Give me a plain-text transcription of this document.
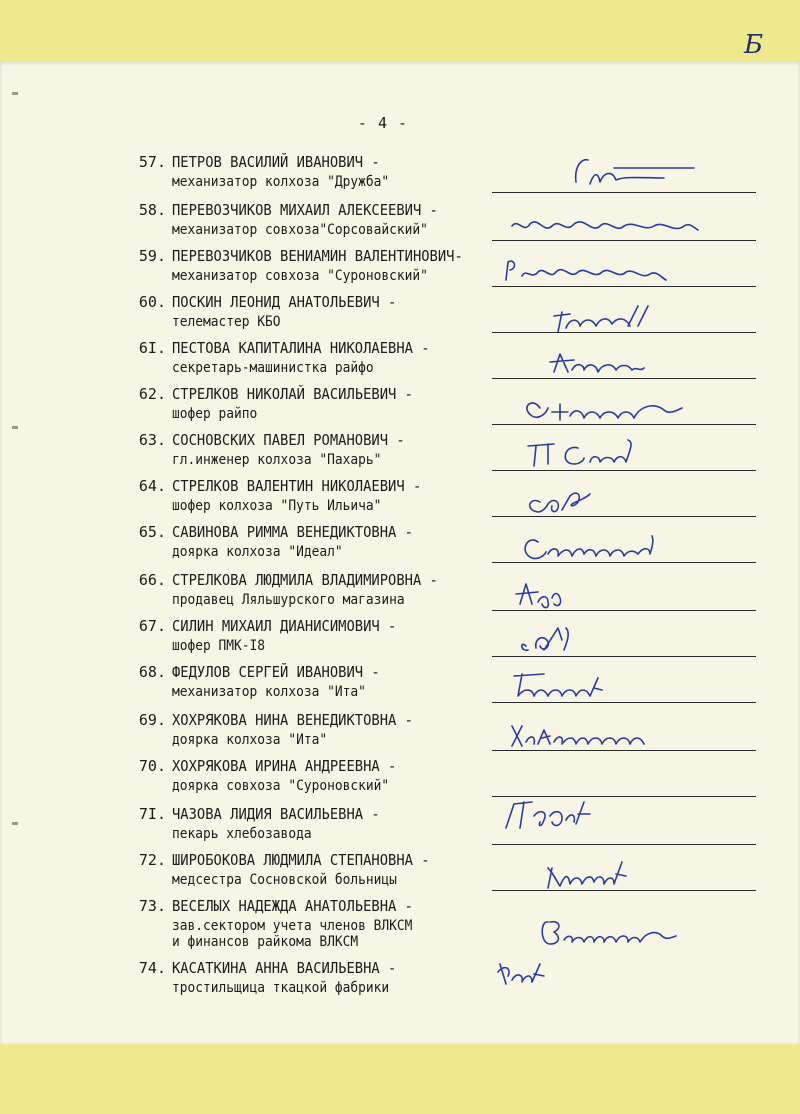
Б
- 4 -
57. ПЕТРОВ ВАСИЛИЙ ИВАНОВИЧ -
механизатор колхоза "Дружба"
58. ПЕРЕВОЗЧИКОВ МИХАИЛ АЛЕКСЕЕВИЧ -
механизатор совхоза"Сорсовайский"
59. ПЕРЕВОЗЧИКОВ ВЕНИАМИН ВАЛЕНТИНОВИЧ-
механизатор совхоза "Суроновский"
60. ПОСКИН ЛЕОНИД АНАТОЛЬЕВИЧ -
телемастер КБО
6I. ПЕСТОВА КАПИТАЛИНА НИКОЛАЕВНА -
секретарь-машинистка райфо
62. СТРЕЛКОВ НИКОЛАЙ ВАСИЛЬЕВИЧ -
шофер райпо
63. СОСНОВСКИХ ПАВЕЛ РОМАНОВИЧ -
гл.инженер колхоза "Пахарь"
64. СТРЕЛКОВ ВАЛЕНТИН НИКОЛАЕВИЧ -
шофер колхоза "Путь Ильича"
65. САВИНОВА РИММА ВЕНЕДИКТОВНА -
доярка колхоза "Идеал"
66. СТРЕЛКОВА ЛЮДМИЛА ВЛАДИМИРОВНА -
продавец Ляльшурского магазина
67. СИЛИН МИХАИЛ ДИАНИСИМОВИЧ -
шофер ПМК-I8
68. ФЕДУЛОВ СЕРГЕЙ ИВАНОВИЧ -
механизатор колхоза "Ита"
69. ХОХРЯКОВА НИНА ВЕНЕДИКТОВНА -
доярка колхоза "Ита"
70. ХОХРЯКОВА ИРИНА АНДРЕЕВНА -
доярка совхоза "Суроновский"
7I. ЧАЗОВА ЛИДИЯ ВАСИЛЬЕВНА -
пекарь хлебозавода
72. ШИРОБОКОВА ЛЮДМИЛА СТЕПАНОВНА -
медсестра Сосновской больницы
73. ВЕСЕЛЫХ НАДЕЖДА АНАТОЛЬЕВНА -
зав.сектором учета членов ВЛКСМ
и финансов райкома ВЛКСМ
74. КАСАТКИНА АННА ВАСИЛЬЕВНА -
тростильщица ткацкой фабрики
